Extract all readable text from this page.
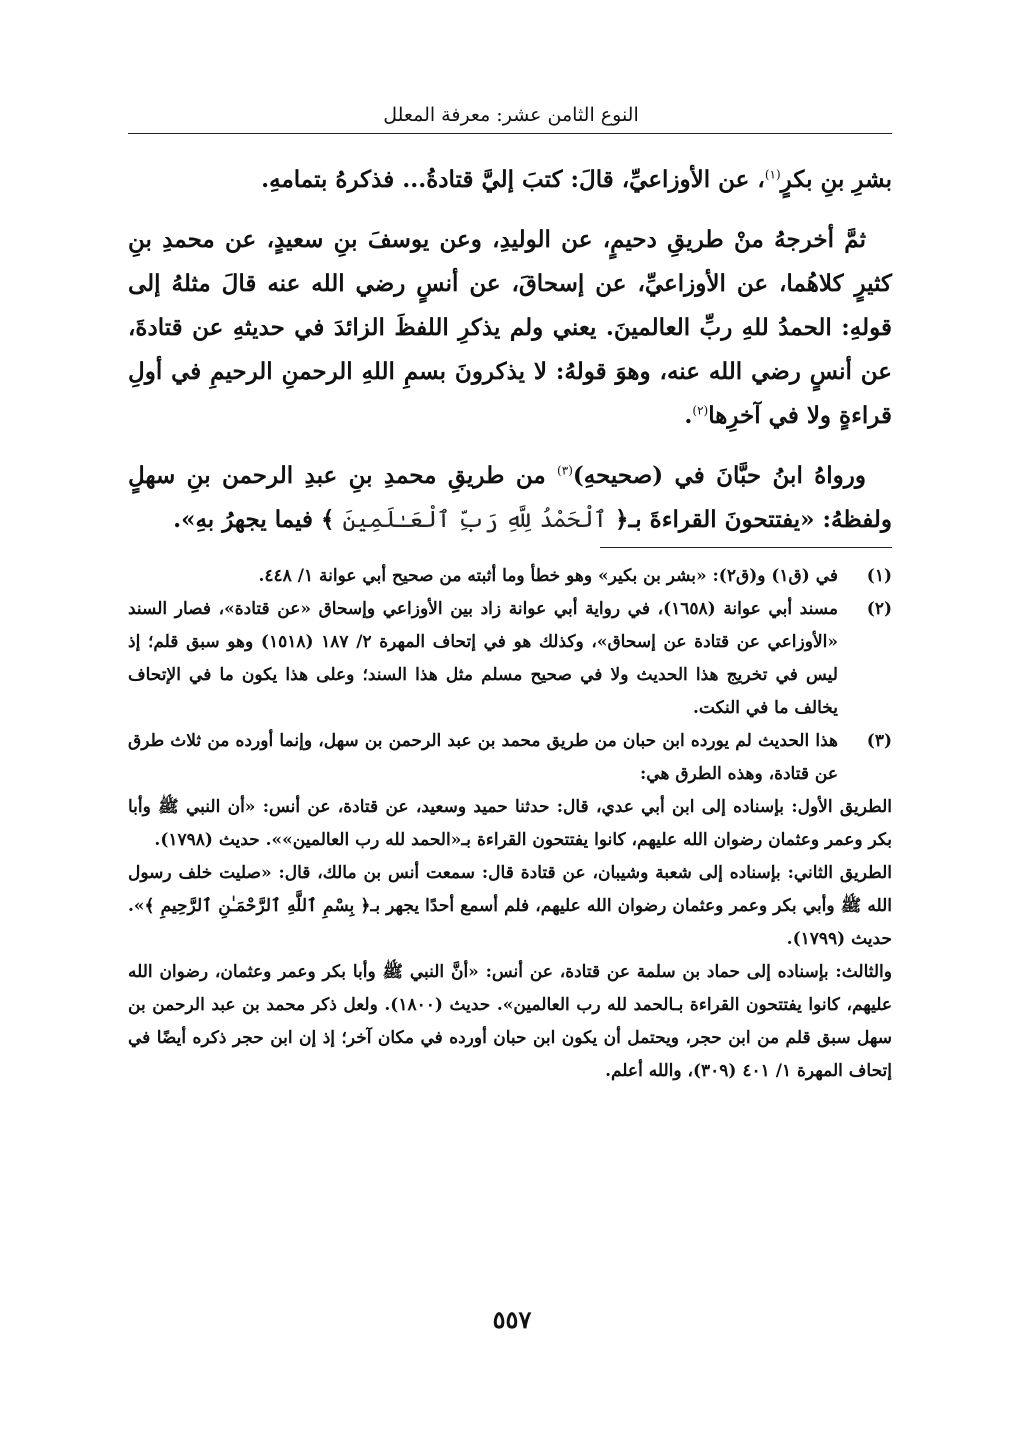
النوع الثامن عشر: معرفة المعلل

بشرِ بنِ بكرٍ$^{(١)}$، عن الأوزاعيِّ، قالَ: كتبَ إليَّ قتادةُ... فذكرهُ بتمامهِ.

ثمَّ أخرجهُ منْ طريقِ دحيمٍ، عن الوليدِ، وعن يوسفَ بنِ سعيدٍ، عن محمدِ بنِ كثيرٍ كلاهُما، عن الأوزاعيِّ، عن إسحاقَ، عن أنسٍ رضي الله عنه قالَ مثلهُ إلى قولهِ: الحمدُ للهِ ربِّ العالمينَ. يعني ولم يذكرِ اللفظَ الزائدَ في حديثهِ عن قتادةَ، عن أنسٍ رضي الله عنه، وهوَ قولهُ: لا يذكرونَ بسمِ اللهِ الرحمنِ الرحيمِ في أولِ قراءةٍ ولا في آخرِها$^{(٢)}$.

ورواهُ ابنُ حبَّانَ في (صحيحهِ)$^{(٣)}$ من طريقِ محمدِ بنِ عبدِ الرحمن بنِ سهلٍ ولفظهُ: «يفتتحونَ القراءةَ بـ﴿ ٱلْحَمْدُ لِلَّهِ رَبِّ ٱلْعَـٰلَمِينَ ﴾ فيما يجهرُ بهِ».

(١)

في (ق١) و(ق٢): «بشر بن بكير» وهو خطأ وما أثبته من صحيح أبي عوانة ١/ ٤٤٨.

(٢)

مسند أبي عوانة (١٦٥٨)، في رواية أبي عوانة زاد بين الأوزاعي وإسحاق «عن قتادة»، فصار السند «الأوزاعي عن قتادة عن إسحاق»، وكذلك هو في إتحاف المهرة ٢/ ١٨٧ (١٥١٨) وهو سبق قلم؛ إذ ليس في تخريج هذا الحديث ولا في صحيح مسلم مثل هذا السند؛ وعلى هذا يكون ما في الإتحاف يخالف ما في النكت.

(٣)

هذا الحديث لم يورده ابن حبان من طريق محمد بن عبد الرحمن بن سهل، وإنما أورده من ثلاث طرق عن قتادة، وهذه الطرق هي:

الطريق الأول: بإسناده إلى ابن أبي عدي، قال: حدثنا حميد وسعيد، عن قتادة، عن أنس: «أن النبي ﷺ وأبا بكر وعمر وعثمان رضوان الله عليهم، كانوا يفتتحون القراءة بـ«الحمد لله رب العالمين»». حديث (١٧٩٨).

الطريق الثاني: بإسناده إلى شعبة وشيبان، عن قتادة قال: سمعت أنس بن مالك، قال: «صليت خلف رسول الله ﷺ وأبي بكر وعمر وعثمان رضوان الله عليهم، فلم أسمع أحدًا يجهر بـ﴿ بِسْمِ ٱللَّهِ ٱلرَّحْمَـٰنِ ٱلرَّحِيمِ ﴾». حديث (١٧٩٩).

والثالث: بإسناده إلى حماد بن سلمة عن قتادة، عن أنس: «أنَّ النبي ﷺ وأبا بكر وعمر وعثمان، رضوان الله عليهم، كانوا يفتتحون القراءة بـالحمد لله رب العالمين». حديث (١٨٠٠). ولعل ذكر محمد بن عبد الرحمن بن سهل سبق قلم من ابن حجر، ويحتمل أن يكون ابن حبان أورده في مكان آخر؛ إذ إن ابن حجر ذكره أيضًا في إتحاف المهرة ١/ ٤٠١ (٣٠٩)، والله أعلم.

٥٥٧
